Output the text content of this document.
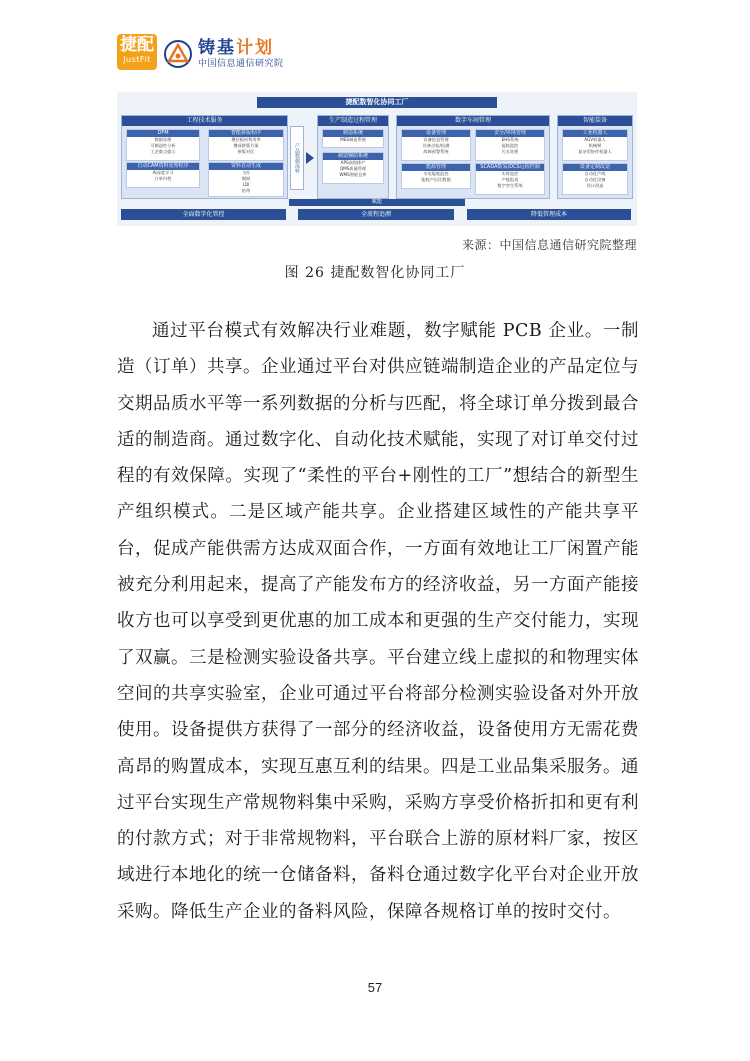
捷配
JustFit
铸基计划
中国信息通信研究院
捷配数智化协同工厂
工程技术服务
DFM
数据处理
可制造性分析
工艺难点提示
智能拼版程序
叠层板材利用率
叠成拼版方案
拼版对比
自动CAM资料处理程序
AI深度学习
订单归档
资料自动生成
飞针
钢网
LDI
钻带
产品数据流转
生产制造过程管理
制造系统
MES制造系统
制造辅助系统
APS高级排产
QMS质量管理
WMS智能仓库
数字车间管理
设备管理
设备信息管理
设备点检/检测
故障预警系统
安全/环境管理
EHS系统
能耗监控
污水处理
能源管理
水电能耗监控
能耗产出比数据
SCADA数采/DCS远程控制
实时监控
产能报表
数字孪生系统
智能装备
工业机器人
AGV机器人
机械臂
复杂型协作机器人
设备定制改造
自动化产线
自动化设备
设计改造
赋能
全面数字化管控	全流程追溯	降低管理成本
来源：中国信息通信研究院整理
图 26 捷配数智化协同工厂

通过平台模式有效解决行业难题，数字赋能 PCB 企业。一制造（订单）共享。企业通过平台对供应链端制造企业的产品定位与交期品质水平等一系列数据的分析与匹配，将全球订单分拨到最合适的制造商。通过数字化、自动化技术赋能，实现了对订单交付过程的有效保障。实现了“柔性的平台+刚性的工厂”想结合的新型生产组织模式。二是区域产能共享。企业搭建区域性的产能共享平台，促成产能供需方达成双面合作，一方面有效地让工厂闲置产能被充分利用起来，提高了产能发布方的经济收益，另一方面产能接收方也可以享受到更优惠的加工成本和更强的生产交付能力，实现了双赢。三是检测实验设备共享。平台建立线上虚拟的和物理实体空间的共享实验室，企业可通过平台将部分检测实验设备对外开放使用。设备提供方获得了一部分的经济收益，设备使用方无需花费高昂的购置成本，实现互惠互利的结果。四是工业品集采服务。通过平台实现生产常规物料集中采购，采购方享受价格折扣和更有利的付款方式；对于非常规物料，平台联合上游的原材料厂家，按区域进行本地化的统一仓储备料，备料仓通过数字化平台对企业开放采购。降低生产企业的备料风险，保障各规格订单的按时交付。

57
